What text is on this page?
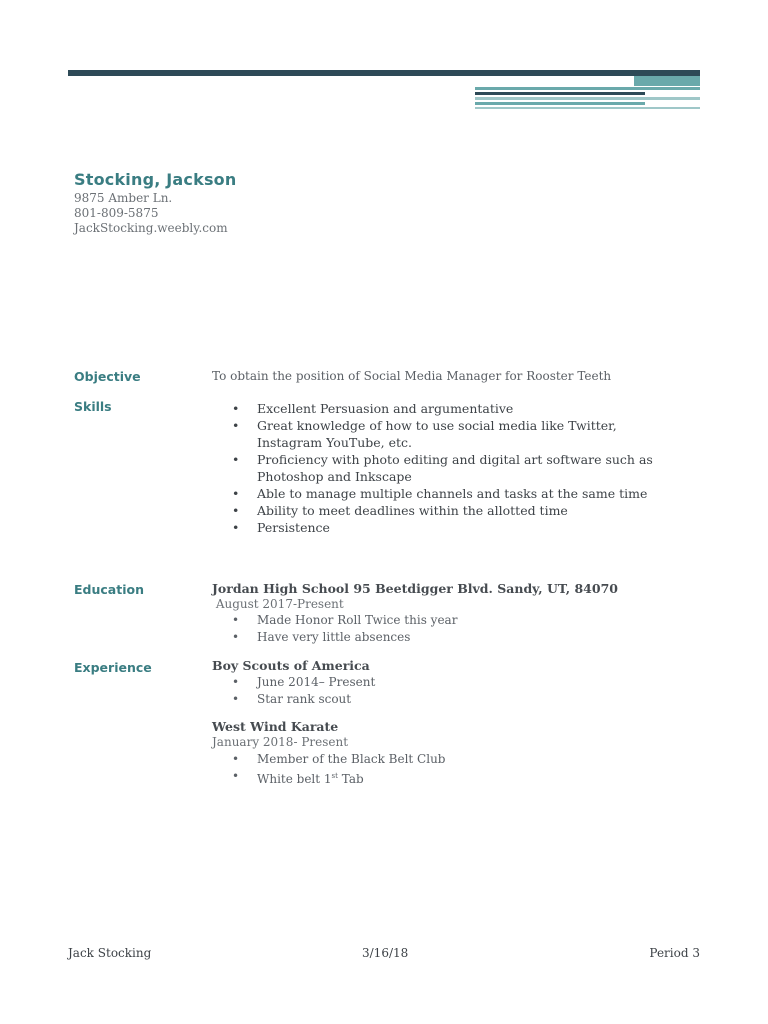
Stocking, Jackson
9875 Amber Ln.
801-809-5875
JackStocking.weebly.com
Objective	To obtain the position of Social Media Manager for Rooster Teeth
Skills
•	Excellent Persuasion and argumentative
• Great knowledge of how to use social media like Twitter, Instagram YouTube, etc.
• Proficiency with photo editing and digital art software such as Photoshop and Inkscape
• Able to manage multiple channels and tasks at the same time
• Ability to meet deadlines within the allotted time
• Persistence
Education	Jordan High School 95 Beetdigger Blvd. Sandy, UT, 84070
August 2017-Present
• Made Honor Roll Twice this year
• Have very little absences
Experience	Boy Scouts of America
• June 2014– Present
• Star rank scout
West Wind Karate
January 2018- Present
• Member of the Black Belt Club
• White belt 1st Tab
Jack Stocking	3/16/18	Period 3
